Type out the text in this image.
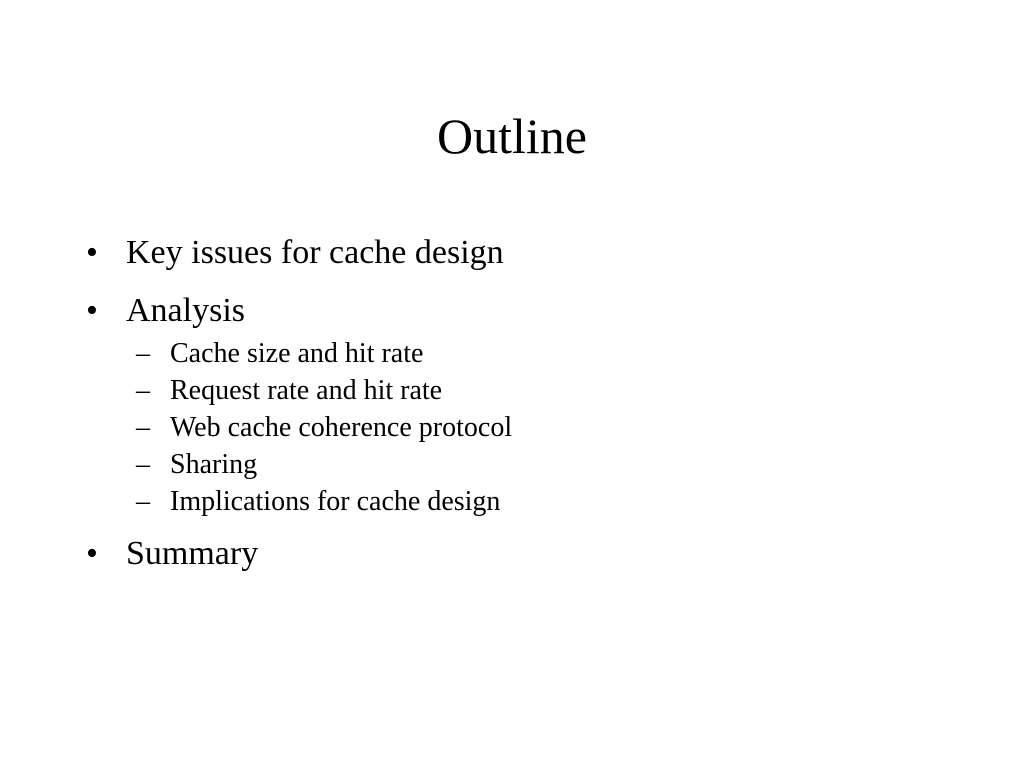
Outline
• Key issues for cache design
• Analysis
– Cache size and hit rate
– Request rate and hit rate
– Web cache coherence protocol
– Sharing
– Implications for cache design
• Summary
